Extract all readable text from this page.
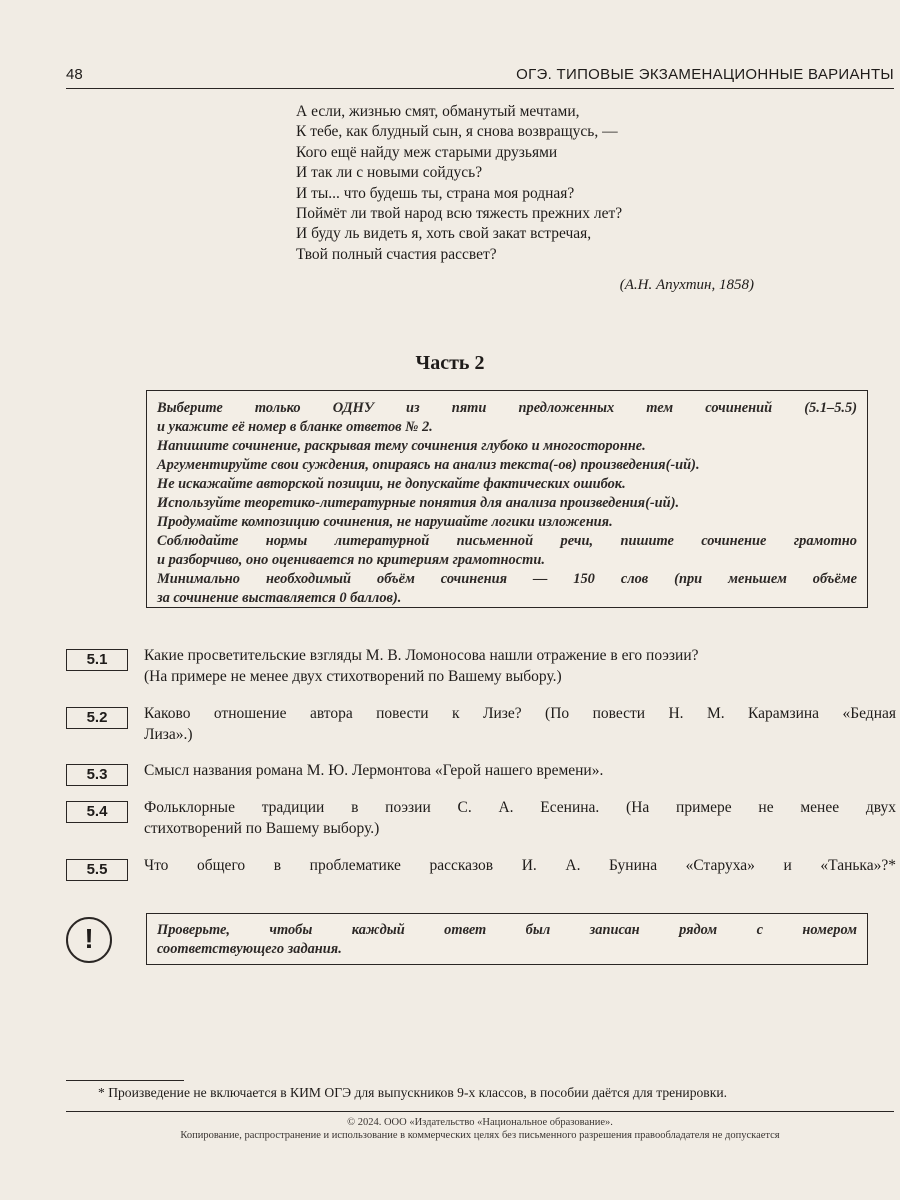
48	ОГЭ. ТИПОВЫЕ ЭКЗАМЕНАЦИОННЫЕ ВАРИАНТЫ
А если, жизнью смят, обманутый мечтами,
К тебе, как блудный сын, я снова возвращусь, —
Кого ещё найду меж старыми друзьями
И так ли с новыми сойдусь?
И ты... что будешь ты, страна моя родная?
Поймёт ли твой народ всю тяжесть прежних лет?
И буду ль видеть я, хоть свой закат встречая,
Твой полный счастия рассвет?
(А.Н. Апухтин, 1858)
Часть 2
Выберите только ОДНУ из пяти предложенных тем сочинений (5.1–5.5)
и укажите её номер в бланке ответов № 2.
Напишите сочинение, раскрывая тему сочинения глубоко и многосторонне.
Аргументируйте свои суждения, опираясь на анализ текста(-ов) произведения(-ий).
Не искажайте авторской позиции, не допускайте фактических ошибок.
Используйте теоретико-литературные понятия для анализа произведения(-ий).
Продумайте композицию сочинения, не нарушайте логики изложения.
Соблюдайте нормы литературной письменной речи, пишите сочинение грамотно
и разборчиво, оно оценивается по критериям грамотности.
Минимально необходимый объём сочинения — 150 слов (при меньшем объёме
за сочинение выставляется 0 баллов).
5.1	Какие просветительские взгляды М. В. Ломоносова нашли отражение в его поэзии?
(На примере не менее двух стихотворений по Вашему выбору.)
5.2	Каково отношение автора повести к Лизе? (По повести Н. М. Карамзина «Бедная
Лиза».)
5.3	Смысл названия романа М. Ю. Лермонтова «Герой нашего времени».
5.4	Фольклорные традиции в поэзии С. А. Есенина. (На примере не менее двух
стихотворений по Вашему выбору.)
5.5	Что общего в проблематике рассказов И. А. Бунина «Старуха» и «Танька»?*
!	Проверьте, чтобы каждый ответ был записан рядом с номером
соответствующего задания.
* Произведение не включается в КИМ ОГЭ для выпускников 9-х классов, в пособии даётся для тренировки.
© 2024. ООО «Издательство «Национальное образование».
Копирование, распространение и использование в коммерческих целях без письменного разрешения правообладателя не допускается
